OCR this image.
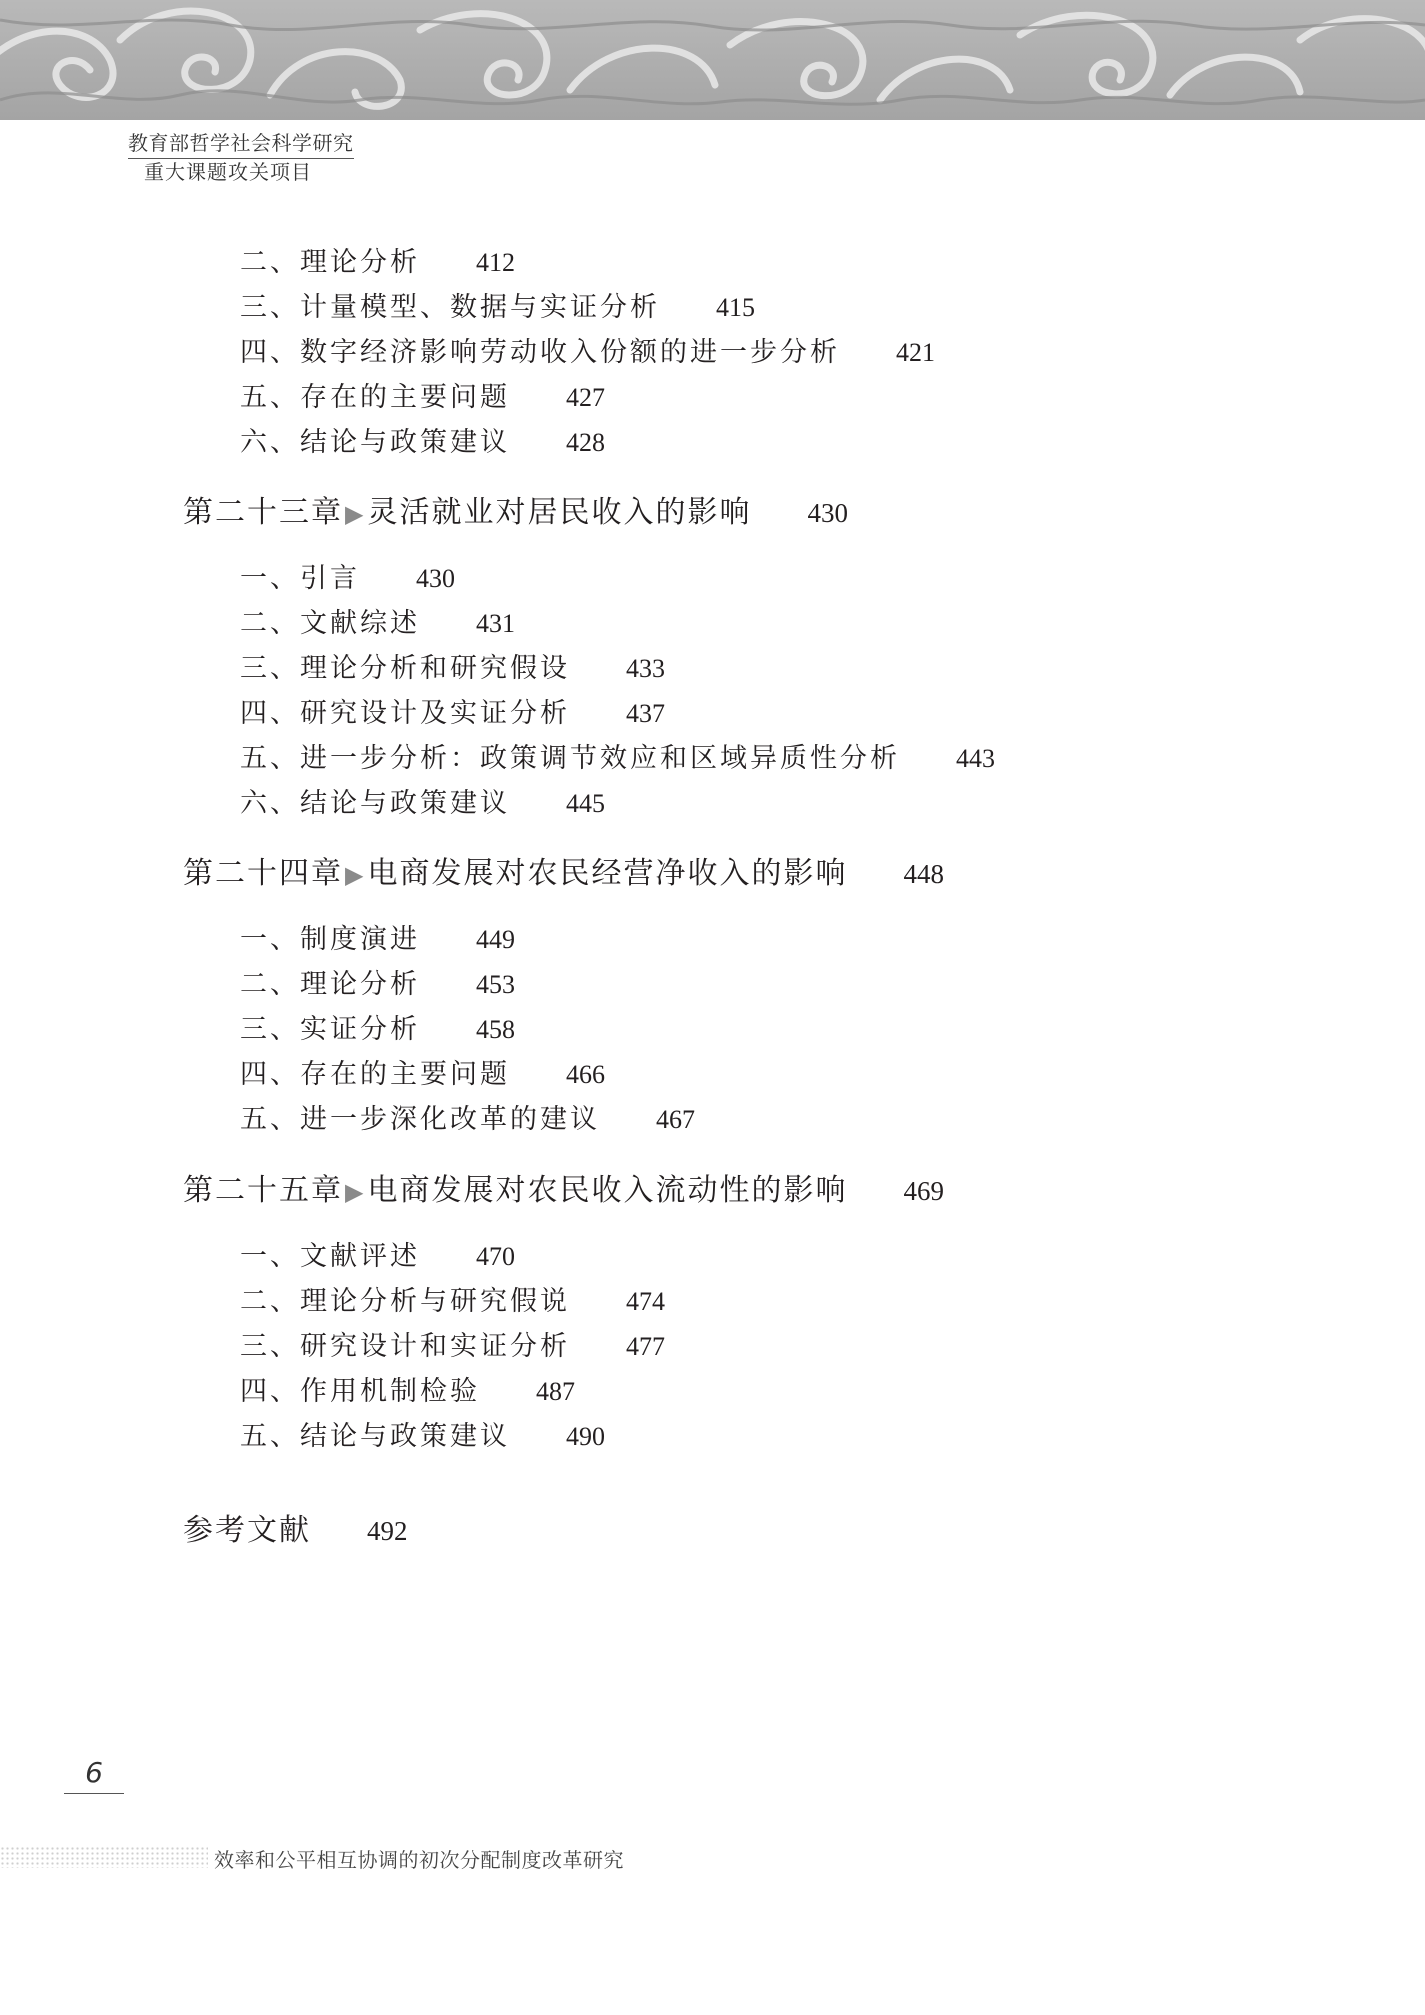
教育部哲学社会科学研究
重大课题攻关项目
二、理论分析 412
三、计量模型、数据与实证分析 415
四、数字经济影响劳动收入份额的进一步分析 421
五、存在的主要问题 427
六、结论与政策建议 428
第二十三章▶灵活就业对居民收入的影响 430
一、引言 430
二、文献综述 431
三、理论分析和研究假设 433
四、研究设计及实证分析 437
五、进一步分析：政策调节效应和区域异质性分析 443
六、结论与政策建议 445
第二十四章▶电商发展对农民经营净收入的影响 448
一、制度演进 449
二、理论分析 453
三、实证分析 458
四、存在的主要问题 466
五、进一步深化改革的建议 467
第二十五章▶电商发展对农民收入流动性的影响 469
一、文献评述 470
二、理论分析与研究假说 474
三、研究设计和实证分析 477
四、作用机制检验 487
五、结论与政策建议 490
参考文献 492
6
效率和公平相互协调的初次分配制度改革研究
